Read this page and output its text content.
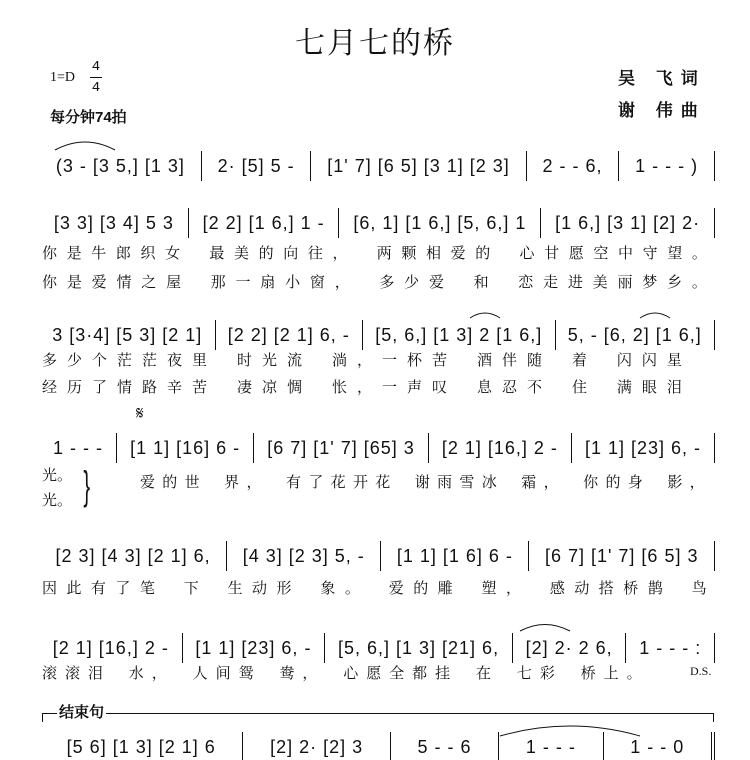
七月七的桥
1=D
4
4
每分钟74拍
吴 飞词
谢 伟曲
(3 - [3 5,] [1 3]	2· [5] 5 -	[1' 7] [6 5] [3 1] [2 3]	2 - - 6,	1 - - - )
[3 3] [3 4] 5 3	[2 2] [1 6,] 1 -	[6, 1] [1 6,] [5, 6,] 1	[1 6,] [3 1] [2] 2·
3 [3·4] [5 3] [2 1]	[2 2] [2 1] 6, -	[5, 6,] [1 3] 2 [1 6,]	5, - [6, 2] [1 6,]
1 - - -	[1 1] [16] 6 -	[6 7] [1' 7] [65] 3	[2 1] [16,] 2 -	[1 1] [23] 6, -
[2 3] [4 3] [2 1] 6,	[4 3] [2 3] 5, -	[1 1] [1 6] 6 -	[6 7] [1' 7] [6 5] 3
[2 1] [16,] 2 -	[1 1] [23] 6, -	[5, 6,] [1 3] [21] 6,	[2] 2· 2 6,	1 - - - :
[5 6] [1 3] [2 1] 6	[2] 2· [2] 3	5 - - 6	1 - - -	1 - - 0
你 是 牛 郎 织 女 最 美 的 向 往 ， 两 颗 相 爱 的 心 甘 愿 空 中 守 望 。
你 是 爱 情 之 屋 那 一 扇 小 窗 ， 多 少 爱 和 恋 走 进 美 丽 梦 乡 。
多 少 个 茫 茫 夜 里 时 光 流 淌 ， 一 杯 苦 酒 伴 随 着 闪 闪 星
经 历 了 情 路 辛 苦 凄 凉 惆 怅 ， 一 声 叹 息 忍 不 住 满 眼 泪
光。
光。 }	爱 的 世 界 ， 有 了 花 开 花 谢 雨 雪 冰 霜 ， 你 的 身 影 ，
因 此 有 了 笔 下 生 动 形 象 。 爱 的 雕 塑 ， 感 动 搭 桥 鹊 鸟
滚 滚 泪 水 ， 人 间 鸳 鸯 ， 心 愿 全 都 挂 在 七 彩 桥 上 。
𝄋
D.S.
结束句
